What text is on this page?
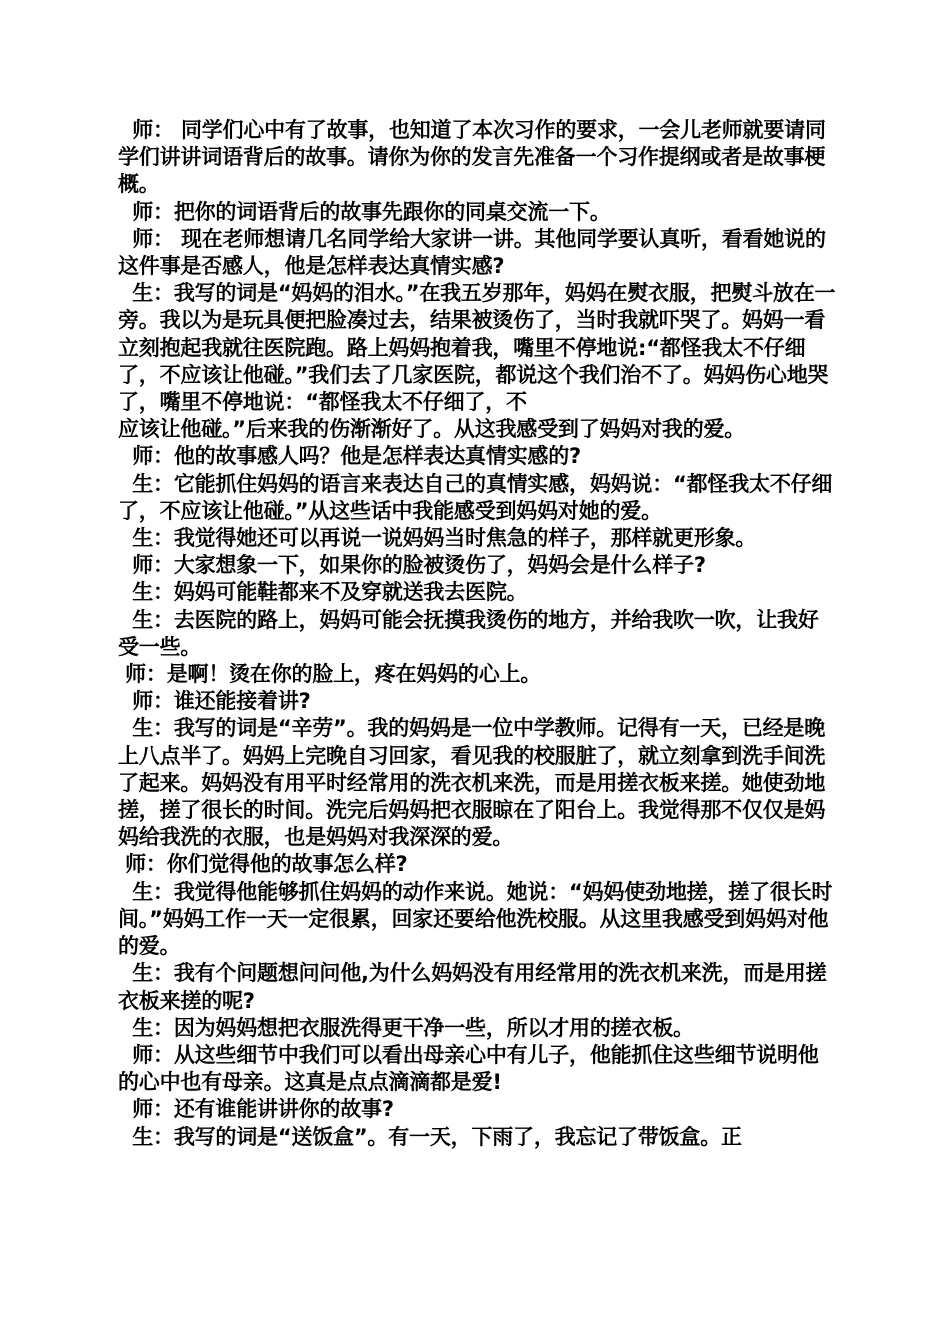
师： 同学们心中有了故事，也知道了本次习作的要求，一会儿老师就要请同学们讲讲词语背后的故事。请你为你的发言先准备一个习作提纲或者是故事梗概。

师：把你的词语背后的故事先跟你的同桌交流一下。

师： 现在老师想请几名同学给大家讲一讲。其他同学要认真听，看看她说的这件事是否感人，他是怎样表达真情实感?

生：我写的词是“妈妈的泪水。”在我五岁那年，妈妈在熨衣服，把熨斗放在一旁。我以为是玩具便把脸凑过去，结果被烫伤了，当时我就吓哭了。妈妈一看立刻抱起我就往医院跑。路上妈妈抱着我，嘴里不停地说:“都怪我太不仔细了，不应该让他碰。”我们去了几家医院，都说这个我们治不了。妈妈伤心地哭了，嘴里不停地说：“都怪我太不仔细了，不

应该让他碰。”后来我的伤渐渐好了。从这我感受到了妈妈对我的爱。

师：他的故事感人吗？他是怎样表达真情实感的?

生：它能抓住妈妈的语言来表达自己的真情实感，妈妈说：“都怪我太不仔细了，不应该让他碰。”从这些话中我能感受到妈妈对她的爱。

生：我觉得她还可以再说一说妈妈当时焦急的样子，那样就更形象。

师：大家想象一下，如果你的脸被烫伤了，妈妈会是什么样子?

生：妈妈可能鞋都来不及穿就送我去医院。

生：去医院的路上，妈妈可能会抚摸我烫伤的地方，并给我吹一吹，让我好受一些。

师：是啊！烫在你的脸上，疼在妈妈的心上。

师：谁还能接着讲?

生：我写的词是“辛劳”。我的妈妈是一位中学教师。记得有一天，已经是晚上八点半了。妈妈上完晚自习回家，看见我的校服脏了，就立刻拿到洗手间洗了起来。妈妈没有用平时经常用的洗衣机来洗，而是用搓衣板来搓。她使劲地搓，搓了很长的时间。洗完后妈妈把衣服晾在了阳台上。我觉得那不仅仅是妈妈给我洗的衣服，也是妈妈对我深深的爱。

师：你们觉得他的故事怎么样?

生：我觉得他能够抓住妈妈的动作来说。她说：“妈妈使劲地搓，搓了很长时间。”妈妈工作一天一定很累，回家还要给他洗校服。从这里我感受到妈妈对他的爱。

生：我有个问题想问问他,为什么妈妈没有用经常用的洗衣机来洗，而是用搓衣板来搓的呢?

生：因为妈妈想把衣服洗得更干净一些，所以才用的搓衣板。

师：从这些细节中我们可以看出母亲心中有儿子，他能抓住这些细节说明他的心中也有母亲。这真是点点滴滴都是爱!

师：还有谁能讲讲你的故事?

生：我写的词是“送饭盒”。有一天，下雨了，我忘记了带饭盒。正
